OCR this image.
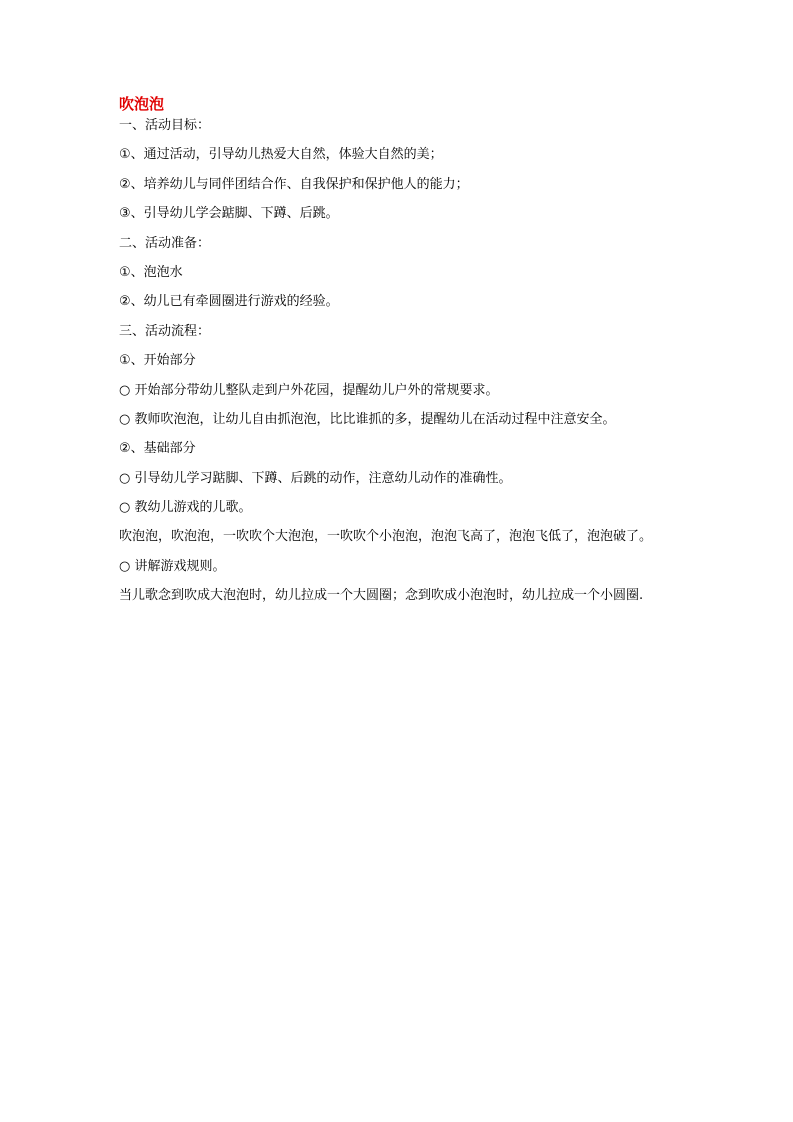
吹泡泡
一、活动目标：
①、通过活动，引导幼儿热爱大自然，体验大自然的美；
②、培养幼儿与同伴团结合作、自我保护和保护他人的能力；
③、引导幼儿学会踮脚、下蹲、后跳。
二、活动准备：
①、泡泡水
②、幼儿已有牵圆圈进行游戏的经验。
三、活动流程：
①、开始部分
○ 开始部分带幼儿整队走到户外花园，提醒幼儿户外的常规要求。
○ 教师吹泡泡，让幼儿自由抓泡泡，比比谁抓的多，提醒幼儿在活动过程中注意安全。
②、基础部分
○ 引导幼儿学习踮脚、下蹲、后跳的动作，注意幼儿动作的准确性。
○ 教幼儿游戏的儿歌。
吹泡泡，吹泡泡，一吹吹个大泡泡，一吹吹个小泡泡，泡泡飞高了，泡泡飞低了，泡泡破了。
○ 讲解游戏规则。
当儿歌念到吹成大泡泡时，幼儿拉成一个大圆圈；念到吹成小泡泡时，幼儿拉成一个小圆圈.
